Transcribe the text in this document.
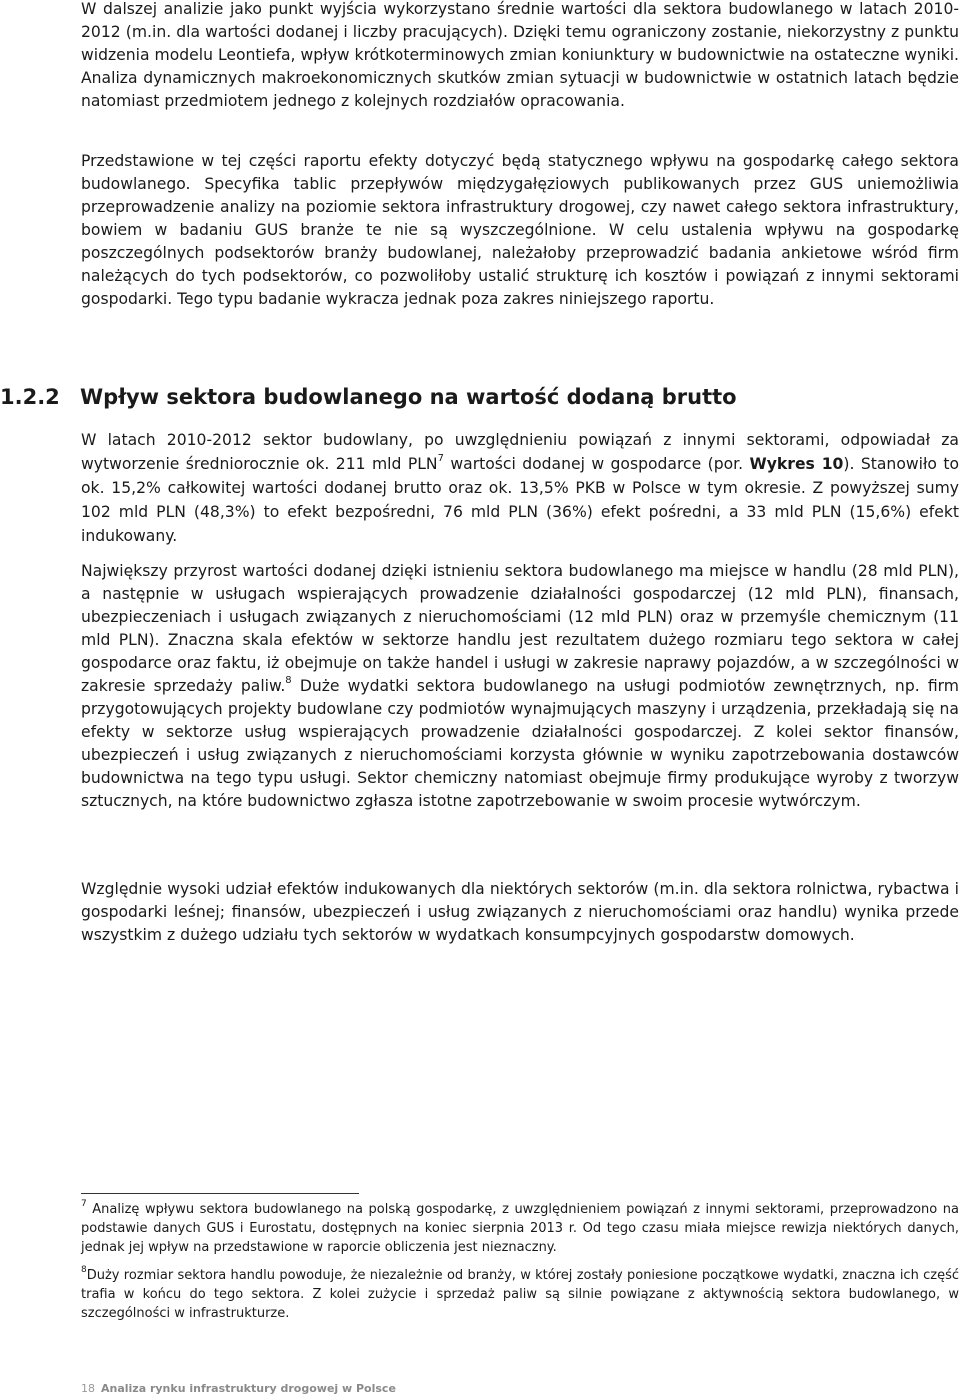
W dalszej analizie jako punkt wyjścia wykorzystano średnie wartości dla sektora budowlanego w latach 2010-2012 (m.in. dla wartości dodanej i liczby pracujących). Dzięki temu ograniczony zostanie, niekorzystny z punktu widzenia modelu Leontiefa, wpływ krótkoterminowych zmian koniunktury w budownictwie na ostateczne wyniki. Analiza dynamicznych makroekonomicznych skutków zmian sytuacji w budownictwie w ostatnich latach będzie natomiast przedmiotem jednego z kolejnych rozdziałów opracowania.

Przedstawione w tej części raportu efekty dotyczyć będą statycznego wpływu na gospodarkę całego sektora budowlanego. Specyfika tablic przepływów międzygałęziowych publikowanych przez GUS uniemożliwia przeprowadzenie analizy na poziomie sektora infrastruktury drogowej, czy nawet całego sektora infrastruktury, bowiem w badaniu GUS branże te nie są wyszczególnione. W celu ustalenia wpływu na gospodarkę poszczególnych podsektorów branży budowlanej, należałoby przeprowadzić badania ankietowe wśród firm należących do tych podsektorów, co pozwoliłoby ustalić strukturę ich kosztów i powiązań z innymi sektorami gospodarki. Tego typu badanie wykracza jednak poza zakres niniejszego raportu.

1.2.2 Wpływ sektora budowlanego na wartość dodaną brutto

W latach 2010-2012 sektor budowlany, po uwzględnieniu powiązań z innymi sektorami, odpowiadał za wytworzenie średniorocznie ok. 211 mld PLN$^7$ wartości dodanej w gospodarce (por. Wykres 10). Stanowiło to ok. 15,2% całkowitej wartości dodanej brutto oraz ok. 13,5% PKB w Polsce w tym okresie. Z powyższej sumy 102 mld PLN (48,3%) to efekt bezpośredni, 76 mld PLN (36%) efekt pośredni, a 33 mld PLN (15,6%) efekt indukowany.

Największy przyrost wartości dodanej dzięki istnieniu sektora budowlanego ma miejsce w handlu (28 mld PLN), a następnie w usługach wspierających prowadzenie działalności gospodarczej (12 mld PLN), finansach, ubezpieczeniach i usługach związanych z nieruchomościami (12 mld PLN) oraz w przemyśle chemicznym (11 mld PLN). Znaczna skala efektów w sektorze handlu jest rezultatem dużego rozmiaru tego sektora w całej gospodarce oraz faktu, iż obejmuje on także handel i usługi w zakresie naprawy pojazdów, a w szczególności w zakresie sprzedaży paliw.$^8$ Duże wydatki sektora budowlanego na usługi podmiotów zewnętrznych, np. firm przygotowujących projekty budowlane czy podmiotów wynajmujących maszyny i urządzenia, przekładają się na efekty w sektorze usług wspierających prowadzenie działalności gospodarczej. Z kolei sektor finansów, ubezpieczeń i usług związanych z nieruchomościami korzysta głównie w wyniku zapotrzebowania dostawców budownictwa na tego typu usługi. Sektor chemiczny natomiast obejmuje firmy produkujące wyroby z tworzyw sztucznych, na które budownictwo zgłasza istotne zapotrzebowanie w swoim procesie wytwórczym.

Względnie wysoki udział efektów indukowanych dla niektórych sektorów (m.in. dla sektora rolnictwa, rybactwa i gospodarki leśnej; finansów, ubezpieczeń i usług związanych z nieruchomościami oraz handlu) wynika przede wszystkim z dużego udziału tych sektorów w wydatkach konsumpcyjnych gospodarstw domowych.

$^7$ Analizę wpływu sektora budowlanego na polską gospodarkę, z uwzględnieniem powiązań z innymi sektorami, przeprowadzono na podstawie danych GUS i Eurostatu, dostępnych na koniec sierpnia 2013 r. Od tego czasu miała miejsce rewizja niektórych danych, jednak jej wpływ na przedstawione w raporcie obliczenia jest nieznaczny.

$^8$Duży rozmiar sektora handlu powoduje, że niezależnie od branży, w której zostały poniesione początkowe wydatki, znaczna ich część trafia w końcu do tego sektora. Z kolei zużycie i sprzedaż paliw są silnie powiązane z aktywnością sektora budowlanego, w szczególności w infrastrukturze.

18 Analiza rynku infrastruktury drogowej w Polsce
